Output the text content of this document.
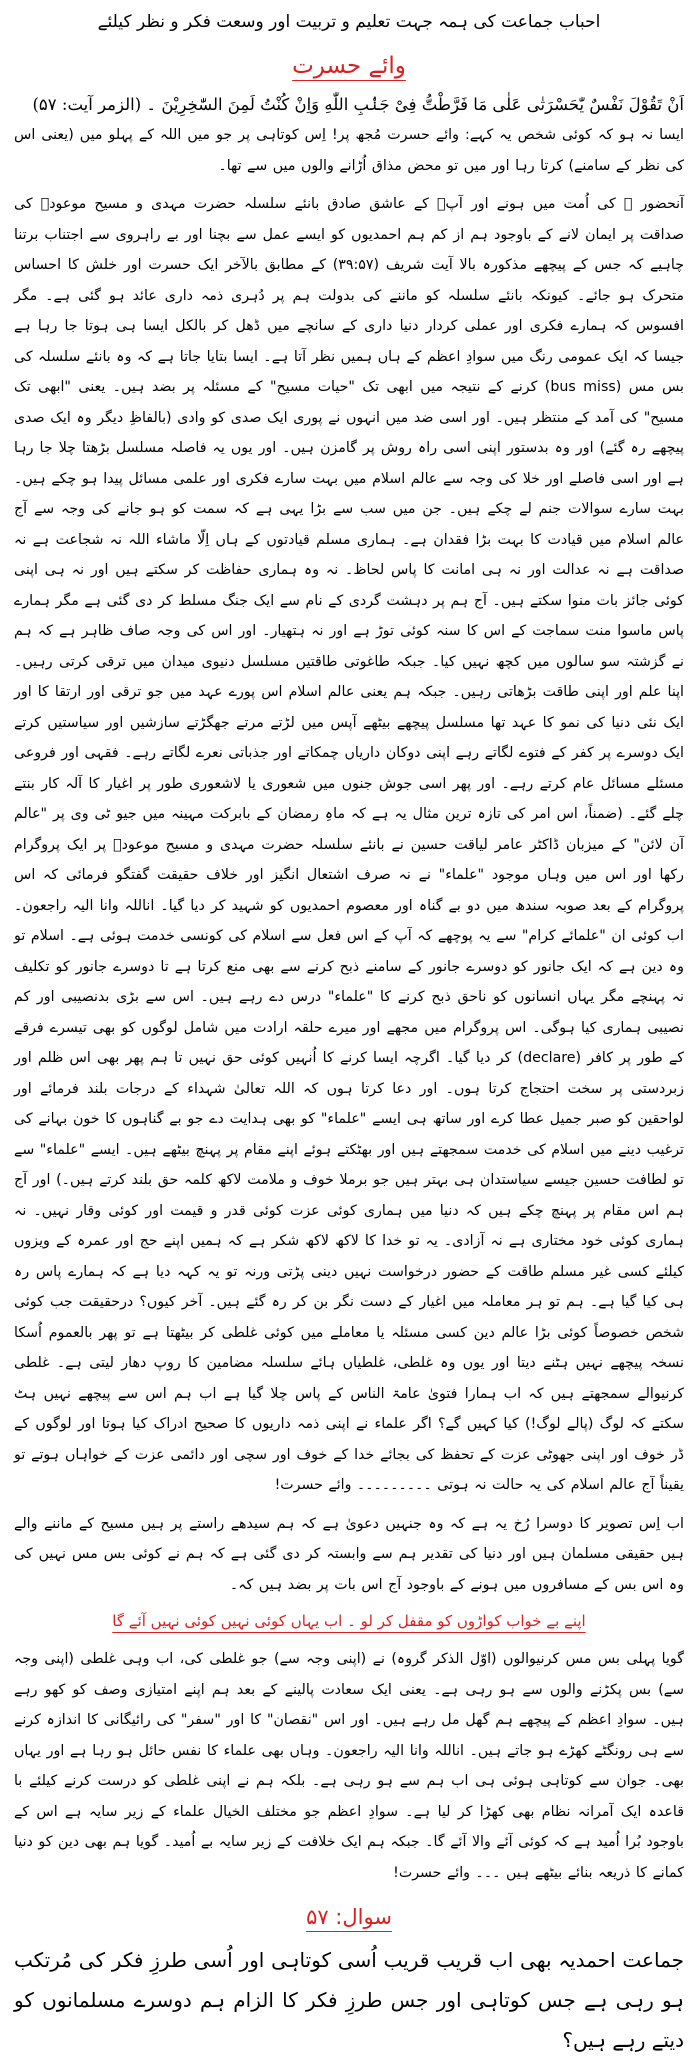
احباب جماعت کی ہمہ جہت تعلیم و تربیت اور وسعت فکر و نظر کیلئے
وائے حسرت

اَنْ تَقُوْلَ نَفْسٌ یّٰحَسْرَتٰی عَلٰی مَا فَرَّطْتُّ فِیْ جَنْۢبِ اللّٰهِ وَاِنْ كُنْتُ لَمِنَ السّٰخِرِیْنَ ۔ (الزمر آیت: ۵۷)

ایسا نہ ہو کہ کوئی شخص یہ کہے: وائے حسرت مُجھ پر! اِس کوتاہی پر جو میں اللہ کے پہلو میں (یعنی اس کی نظر کے سامنے) کرتا رہا اور میں تو محض مذاق اُڑانے والوں میں سے تھا۔

آنحضور ﷺ کی اُمت میں ہونے اور آپؐ کے عاشق صادق بانئے سلسلہ حضرت مہدی و مسیح موعودؑ کی صداقت پر ایمان لانے کے باوجود ہم از کم ہم احمدیوں کو ایسے عمل سے بچنا اور بے راہروی سے اجتناب برتنا چاہیے کہ جس کے پیچھے مذکورہ بالا آیت شریف (۳۹:۵۷) کے مطابق بالآخر ایک حسرت اور خلش کا احساس متحرک ہو جائے۔ کیونکہ بانئے سلسلہ کو ماننے کی بدولت ہم پر دُہری ذمہ داری عائد ہو گئی ہے۔ مگر افسوس کہ ہمارے فکری اور عملی کردار دنیا داری کے سانچے میں ڈھل کر بالکل ایسا ہی ہوتا جا رہا ہے جیسا کہ ایک عمومی رنگ میں سوادِ اعظم کے ہاں ہمیں نظر آتا ہے۔ ایسا بتایا جاتا ہے کہ وہ بانئے سلسلہ کی بس مس (bus miss) کرنے کے نتیجہ میں ابھی تک "حیات مسیح" کے مسئلہ پر بضد ہیں۔ یعنی "ابھی تک مسیح" کی آمد کے منتظر ہیں۔ اور اسی ضد میں انہوں نے پوری ایک صدی کو وادی (بالفاظِ دیگر وہ ایک صدی پیچھے رہ گئے) اور وہ بدستور اپنی اسی راہ روش پر گامزن ہیں۔ اور یوں یہ فاصلہ مسلسل بڑھتا چلا جا رہا ہے اور اسی فاصلے اور خلا کی وجہ سے عالم اسلام میں بہت سارے فکری اور علمی مسائل پیدا ہو چکے ہیں۔ بہت سارے سوالات جنم لے چکے ہیں۔ جن میں سب سے بڑا یہی ہے کہ سمت کو ہو جانے کی وجہ سے آج عالم اسلام میں قیادت کا بہت بڑا فقدان ہے۔ ہماری مسلم قیادتوں کے ہاں اِلّا ماشاء اللہ نہ شجاعت ہے نہ صداقت ہے نہ عدالت اور نہ ہی امانت کا پاس لحاظ۔ نہ وہ ہماری حفاظت کر سکتے ہیں اور نہ ہی اپنی کوئی جائز بات منوا سکتے ہیں۔ آج ہم پر دہشت گردی کے نام سے ایک جنگ مسلط کر دی گئی ہے مگر ہمارے پاس ماسوا منت سماجت کے اس کا سنہ کوئی توڑ ہے اور نہ ہتھیار۔ اور اس کی وجہ صاف ظاہر ہے کہ ہم نے گزشتہ سو سالوں میں کچھ نہیں کیا۔ جبکہ طاغوتی طاقتیں مسلسل دنیوی میدان میں ترقی کرتی رہیں۔ اپنا علم اور اپنی طاقت بڑھاتی رہیں۔ جبکہ ہم یعنی عالم اسلام اس پورے عہد میں جو ترقی اور ارتقا کا اور ایک نئی دنیا کی نمو کا عہد تھا مسلسل پیچھے بیٹھے آپس میں لڑتے مرتے جھگڑتے سازشیں اور سیاستیں کرتے ایک دوسرے پر کفر کے فتوے لگاتے رہے اپنی دوکان داریاں چمکاتے اور جذباتی نعرے لگاتے رہے۔ فقہی اور فروعی مسئلے مسائل عام کرتے رہے۔ اور پھر اسی جوش جنوں میں شعوری یا لاشعوری طور پر اغیار کا آلہ کار بنتے چلے گئے۔ (ضمناً، اس امر کی تازہ ترین مثال یہ ہے کہ ماہِ رمضان کے بابرکت مہینہ میں جیو ٹی وی پر "عالم آن لائن" کے میزبان ڈاکٹر عامر لیاقت حسین نے بانئے سلسلہ حضرت مہدی و مسیح موعودؑ پر ایک پروگرام رکھا اور اس میں وہاں موجود "علماء" نے نہ صرف اشتعال انگیز اور خلاف حقیقت گفتگو فرمائی کہ اس پروگرام کے بعد صوبہ سندھ میں دو بے گناہ اور معصوم احمدیوں کو شہید کر دیا گیا۔ اناللہ وانا الیہ راجعون۔ اب کوئی ان "علمائے کرام" سے یہ پوچھے کہ آپ کے اس فعل سے اسلام کی کونسی خدمت ہوئی ہے۔ اسلام تو وہ دین ہے کہ ایک جانور کو دوسرے جانور کے سامنے ذبح کرنے سے بھی منع کرتا ہے تا دوسرے جانور کو تکلیف نہ پہنچے مگر یہاں انسانوں کو ناحق ذبح کرنے کا "علماء" درس دے رہے ہیں۔ اس سے بڑی بدنصیبی اور کم نصیبی ہماری کیا ہوگی۔ اس پروگرام میں مجھے اور میرے حلقہ ارادت میں شامل لوگوں کو بھی تیسرے فرقے کے طور پر کافر (declare) کر دیا گیا۔ اگرچہ ایسا کرنے کا اُنہیں کوئی حق نہیں تا ہم پھر بھی اس ظلم اور زبردستی پر سخت احتجاج کرتا ہوں۔ اور دعا کرتا ہوں کہ اللہ تعالیٰ شہداء کے درجات بلند فرمائے اور لواحقین کو صبر جمیل عطا کرے اور ساتھ ہی ایسے "علماء" کو بھی ہدایت دے جو بے گناہوں کا خون بہانے کی ترغیب دینے میں اسلام کی خدمت سمجھتے ہیں اور بھٹکتے ہوئے اپنے مقام پر پہنچ بیٹھے ہیں۔ ایسے "علماء" سے تو لطافت حسین جیسے سیاستدان ہی بہتر ہیں جو برملا خوف و ملامت لاکھ کلمہ حق بلند کرتے ہیں۔) اور آج ہم اس مقام پر پہنچ چکے ہیں کہ دنیا میں ہماری کوئی عزت کوئی قدر و قیمت اور کوئی وقار نہیں۔ نہ ہماری کوئی خود مختاری ہے نہ آزادی۔ یہ تو خدا کا لاکھ لاکھ شکر ہے کہ ہمیں اپنے حج اور عمرہ کے ویزوں کیلئے کسی غیر مسلم طاقت کے حضور درخواست نہیں دینی پڑتی ورنہ تو یہ کہہ دیا ہے کہ ہمارے پاس رہ ہی کیا گیا ہے۔ ہم تو ہر معاملہ میں اغیار کے دست نگر بن کر رہ گئے ہیں۔ آخر کیوں؟ درحقیقت جب کوئی شخص خصوصاً کوئی بڑا عالم دین کسی مسئلہ یا معاملے میں کوئی غلطی کر بیٹھتا ہے تو پھر بالعموم اُسکا نسخہ پیچھے نہیں ہٹنے دیتا اور یوں وہ غلطی، غلطیاں ہائے سلسلہ مضامین کا روپ دھار لیتی ہے۔ غلطی کرنیوالے سمجھتے ہیں کہ اب ہمارا فتویٰ عامۃ الناس کے پاس چلا گیا ہے اب ہم اس سے پیچھے نہیں ہٹ سکتے کہ لوگ (پالے لوگ!) کیا کہیں گے؟ اگر علماء نے اپنی ذمہ داریوں کا صحیح ادراک کیا ہوتا اور لوگوں کے ڈر خوف اور اپنی جھوٹی عزت کے تحفظ کی بجائے خدا کے خوف اور سچی اور دائمی عزت کے خواہاں ہوتے تو یقیناً آج عالم اسلام کی یہ حالت نہ ہوتی ۔۔۔۔۔۔۔۔۔ وائے حسرت!

اب اِس تصویر کا دوسرا رُخ یہ ہے کہ وہ جنہیں دعویٰ ہے کہ ہم سیدھے راستے پر ہیں مسیح کے ماننے والے ہیں حقیقی مسلمان ہیں اور دنیا کی تقدیر ہم سے وابستہ کر دی گئی ہے کہ ہم نے کوئی بس مس نہیں کی وہ اس بس کے مسافروں میں ہونے کے باوجود آج اس بات پر بضد ہیں کہ۔

اپنے بے خواب کواڑوں کو مقفل کر لو ۔ اب یہاں کوئی نہیں کوئی نہیں آئے گا

گویا پہلی بس مس کرنیوالوں (اوّل الذکر گروہ) نے (اپنی وجہ سے) جو غلطی کی، اب وہی غلطی (اپنی وجہ سے) بس پکڑنے والوں سے ہو رہی ہے۔ یعنی ایک سعادت پالینے کے بعد ہم اپنے امتیازی وصف کو کھو رہے ہیں۔ سوادِ اعظم کے پیچھے ہم گھل مل رہے ہیں۔ اور اس "نقصان" کا اور "سفر" کی رائیگانی کا اندازہ کرنے سے ہی رونگٹے کھڑے ہو جاتے ہیں۔ اناللہ وانا الیہ راجعون۔ وہاں بھی علماء کا نفس حائل ہو رہا ہے اور یہاں بھی۔ جوان سے کوتاہی ہوئی ہی اب ہم سے ہو رہی ہے۔ بلکہ ہم نے اپنی غلطی کو درست کرنے کیلئے با قاعدہ ایک آمرانہ نظام بھی کھڑا کر لیا ہے۔ سوادِ اعظم جو مختلف الخیال علماء کے زیر سایہ ہے اس کے باوجود بُرا اُمید ہے کہ کوئی آئے والا آئے گا۔ جبکہ ہم ایک خلافت کے زیر سایہ بے اُمید۔ گویا ہم بھی دین کو دنیا کمانے کا ذریعہ بنائے بیٹھے ہیں ۔۔۔ وائے حسرت!

سوال: ۵۷

جماعت احمدیہ بھی اب قریب قریب اُسی کوتاہی اور اُسی طرزِ فکر کی مُرتکب ہو رہی ہے جس کوتاہی اور جس طرزِ فکر کا الزام ہم دوسرے مسلمانوں کو دیتے رہے ہیں؟
